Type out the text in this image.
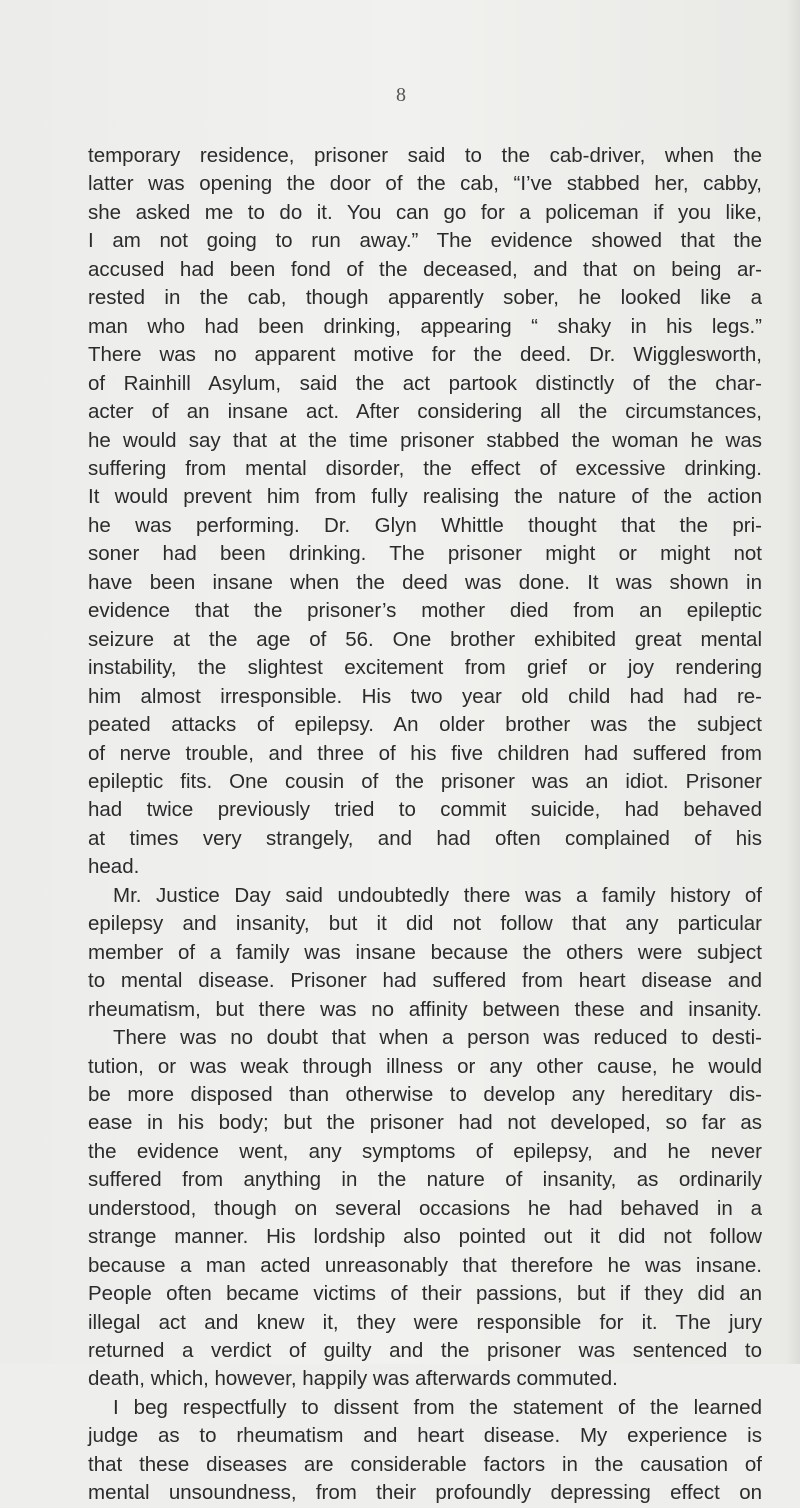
8

temporary residence, prisoner said to the cab-driver, when the
latter was opening the door of the cab, “I’ve stabbed her, cabby,
she asked me to do it. You can go for a policeman if you like,
I am not going to run away.” The evidence showed that the
accused had been fond of the deceased, and that on being ar-
rested in the cab, though apparently sober, he looked like a
man who had been drinking, appearing “ shaky in his legs.”
There was no apparent motive for the deed. Dr. Wigglesworth,
of Rainhill Asylum, said the act partook distinctly of the char-
acter of an insane act. After considering all the circumstances,
he would say that at the time prisoner stabbed the woman he was
suffering from mental disorder, the effect of excessive drinking.
It would prevent him from fully realising the nature of the action
he was performing. Dr. Glyn Whittle thought that the pri-
soner had been drinking. The prisoner might or might not
have been insane when the deed was done. It was shown in
evidence that the prisoner’s mother died from an epileptic
seizure at the age of 56. One brother exhibited great mental
instability, the slightest excitement from grief or joy rendering
him almost irresponsible. His two year old child had had re-
peated attacks of epilepsy. An older brother was the subject
of nerve trouble, and three of his five children had suffered from
epileptic fits. One cousin of the prisoner was an idiot. Prisoner
had twice previously tried to commit suicide, had behaved
at times very strangely, and had often complained of his
head.

Mr. Justice Day said undoubtedly there was a family history of
epilepsy and insanity, but it did not follow that any particular
member of a family was insane because the others were subject
to mental disease. Prisoner had suffered from heart disease and
rheumatism, but there was no affinity between these and insanity.
There was no doubt that when a person was reduced to desti-
tution, or was weak through illness or any other cause, he would
be more disposed than otherwise to develop any hereditary dis-
ease in his body; but the prisoner had not developed, so far as
the evidence went, any symptoms of epilepsy, and he never
suffered from anything in the nature of insanity, as ordinarily
understood, though on several occasions he had behaved in a
strange manner. His lordship also pointed out it did not follow
because a man acted unreasonably that therefore he was insane.
People often became victims of their passions, but if they did an
illegal act and knew it, they were responsible for it. The jury
returned a verdict of guilty and the prisoner was sentenced to
death, which, however, happily was afterwards commuted.

I beg respectfully to dissent from the statement of the learned
judge as to rheumatism and heart disease. My experience is
that these diseases are considerable factors in the causation of
mental unsoundness, from their profoundly depressing effect on
